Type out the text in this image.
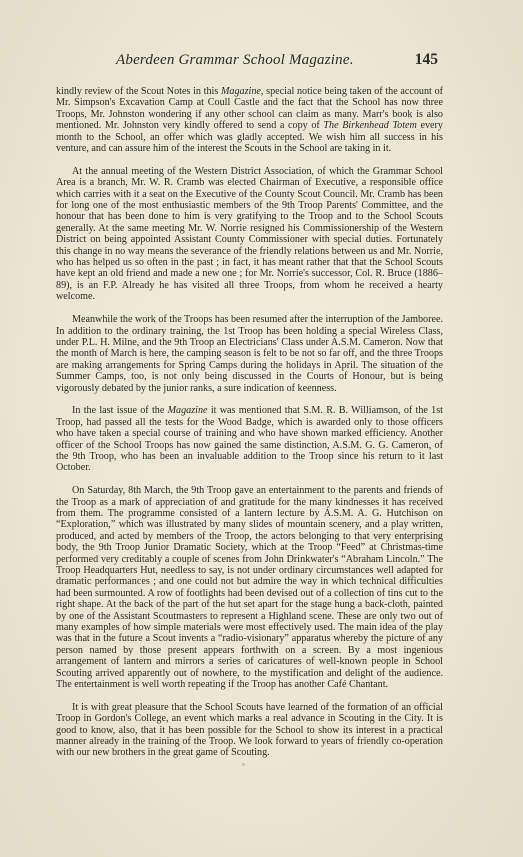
Aberdeen Grammar School Magazine.	145

kindly review of the Scout Notes in this Magazine, special notice being taken of the account of Mr. Simpson's Excavation Camp at Coull Castle and the fact that the School has now three Troops, Mr. Johnston wondering if any other school can claim as many. Marr's book is also mentioned. Mr. Johnston very kindly offered to send a copy of The Birkenhead Totem every month to the School, an offer which was gladly accepted. We wish him all success in his venture, and can assure him of the interest the Scouts in the School are taking in it.

At the annual meeting of the Western District Association, of which the Grammar School Area is a branch, Mr. W. R. Cramb was elected Chairman of Executive, a responsible office which carries with it a seat on the Executive of the County Scout Council. Mr. Cramb has been for long one of the most enthusiastic members of the 9th Troop Parents' Committee, and the honour that has been done to him is very gratifying to the Troop and to the School Scouts generally. At the same meeting Mr. W. Norrie resigned his Commissionership of the Western District on being appointed Assistant County Commissioner with special duties. Fortunately this change in no way means the severance of the friendly relations between us and Mr. Norrie, who has helped us so often in the past ; in fact, it has meant rather that that the School Scouts have kept an old friend and made a new one ; for Mr. Norrie's successor, Col. R. Bruce (1886–89), is an F.P. Already he has visited all three Troops, from whom he received a hearty welcome.

Meanwhile the work of the Troops has been resumed after the interruption of the Jamboree. In addition to the ordinary training, the 1st Troop has been holding a special Wireless Class, under P.L. H. Milne, and the 9th Troop an Electricians' Class under A.S.M. Cameron. Now that the month of March is here, the camping season is felt to be not so far off, and the three Troops are making arrangements for Spring Camps during the holidays in April. The situation of the Summer Camps, too, is not only being discussed in the Courts of Honour, but is being vigorously debated by the junior ranks, a sure indication of keenness.

In the last issue of the Magazine it was mentioned that S.M. R. B. Williamson, of the 1st Troop, had passed all the tests for the Wood Badge, which is awarded only to those officers who have taken a special course of training and who have shown marked efficiency. Another officer of the School Troops has now gained the same distinction, A.S.M. G. G. Cameron, of the 9th Troop, who has been an invaluable addition to the Troop since his return to it last October.

On Saturday, 8th March, the 9th Troop gave an entertainment to the parents and friends of the Troop as a mark of appreciation of and gratitude for the many kindnesses it has received from them. The programme consisted of a lantern lecture by A.S.M. A. G. Hutchison on “Exploration,” which was illustrated by many slides of mountain scenery, and a play written, produced, and acted by members of the Troop, the actors belonging to that very enterprising body, the 9th Troop Junior Dramatic Society, which at the Troop “Feed” at Christmas-time performed very creditably a couple of scenes from John Drinkwater's “Abraham Lincoln.” The Troop Headquarters Hut, needless to say, is not under ordinary circumstances well adapted for dramatic performances ; and one could not but admire the way in which technical difficulties had been surmounted. A row of footlights had been devised out of a collection of tins cut to the right shape. At the back of the part of the hut set apart for the stage hung a back-cloth, painted by one of the Assistant Scoutmasters to represent a Highland scene. These are only two out of many examples of how simple materials were most effectively used. The main idea of the play was that in the future a Scout invents a “radio-visionary” apparatus whereby the picture of any person named by those present appears forthwith on a screen. By a most ingenious arrangement of lantern and mirrors a series of caricatures of well-known people in School Scouting arrived apparently out of nowhere, to the mystification and delight of the audience. The entertainment is well worth repeating if the Troop has another Café Chantant.

It is with great pleasure that the School Scouts have learned of the formation of an official Troop in Gordon's College, an event which marks a real advance in Scouting in the City. It is good to know, also, that it has been possible for the School to show its interest in a practical manner already in the training of the Troop. We look forward to years of friendly co-operation with our new brothers in the great game of Scouting.
